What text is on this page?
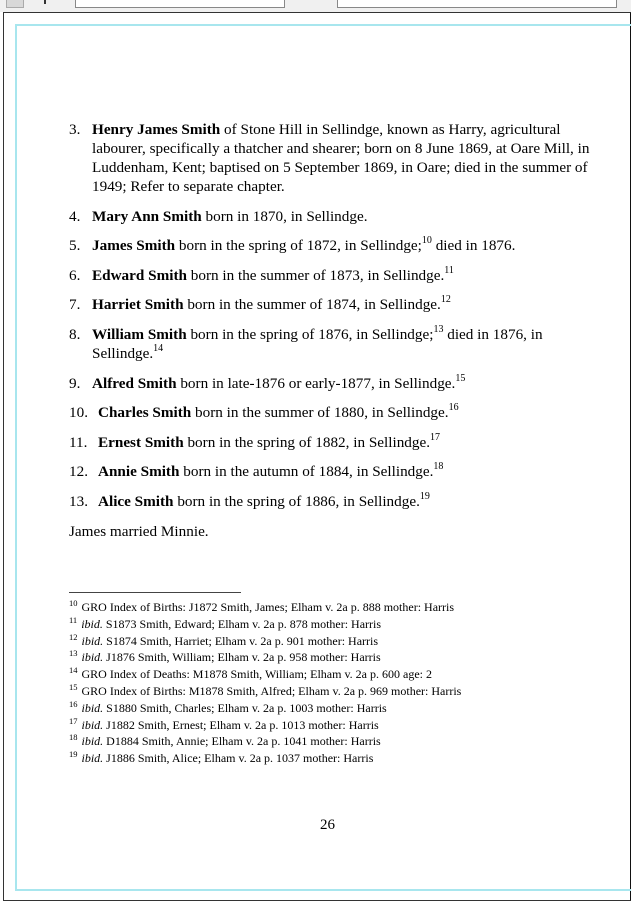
3. Henry James Smith of Stone Hill in Sellindge, known as Harry, agricultural labourer, specifically a thatcher and shearer; born on 8 June 1869, at Oare Mill, in Luddenham, Kent; baptised on 5 September 1869, in Oare; died in the summer of 1949; Refer to separate chapter.
4. Mary Ann Smith born in 1870, in Sellindge.
5. James Smith born in the spring of 1872, in Sellindge;$^{10}$ died in 1876.
6. Edward Smith born in the summer of 1873, in Sellindge.$^{11}$
7. Harriet Smith born in the summer of 1874, in Sellindge.$^{12}$
8. William Smith born in the spring of 1876, in Sellindge;$^{13}$ died in 1876, in Sellindge.$^{14}$
9. Alfred Smith born in late-1876 or early-1877, in Sellindge.$^{15}$
10. Charles Smith born in the summer of 1880, in Sellindge.$^{16}$
11. Ernest Smith born in the spring of 1882, in Sellindge.$^{17}$
12. Annie Smith born in the autumn of 1884, in Sellindge.$^{18}$
13. Alice Smith born in the spring of 1886, in Sellindge.$^{19}$
James married Minnie.
$^{10}$ GRO Index of Births: J1872 Smith, James; Elham v. 2a p. 888 mother: Harris
$^{11}$ ibid. S1873 Smith, Edward; Elham v. 2a p. 878 mother: Harris
$^{12}$ ibid. S1874 Smith, Harriet; Elham v. 2a p. 901 mother: Harris
$^{13}$ ibid. J1876 Smith, William; Elham v. 2a p. 958 mother: Harris
$^{14}$ GRO Index of Deaths: M1878 Smith, William; Elham v. 2a p. 600 age: 2
$^{15}$ GRO Index of Births: M1878 Smith, Alfred; Elham v. 2a p. 969 mother: Harris
$^{16}$ ibid. S1880 Smith, Charles; Elham v. 2a p. 1003 mother: Harris
$^{17}$ ibid. J1882 Smith, Ernest; Elham v. 2a p. 1013 mother: Harris
$^{18}$ ibid. D1884 Smith, Annie; Elham v. 2a p. 1041 mother: Harris
$^{19}$ ibid. J1886 Smith, Alice; Elham v. 2a p. 1037 mother: Harris
26
